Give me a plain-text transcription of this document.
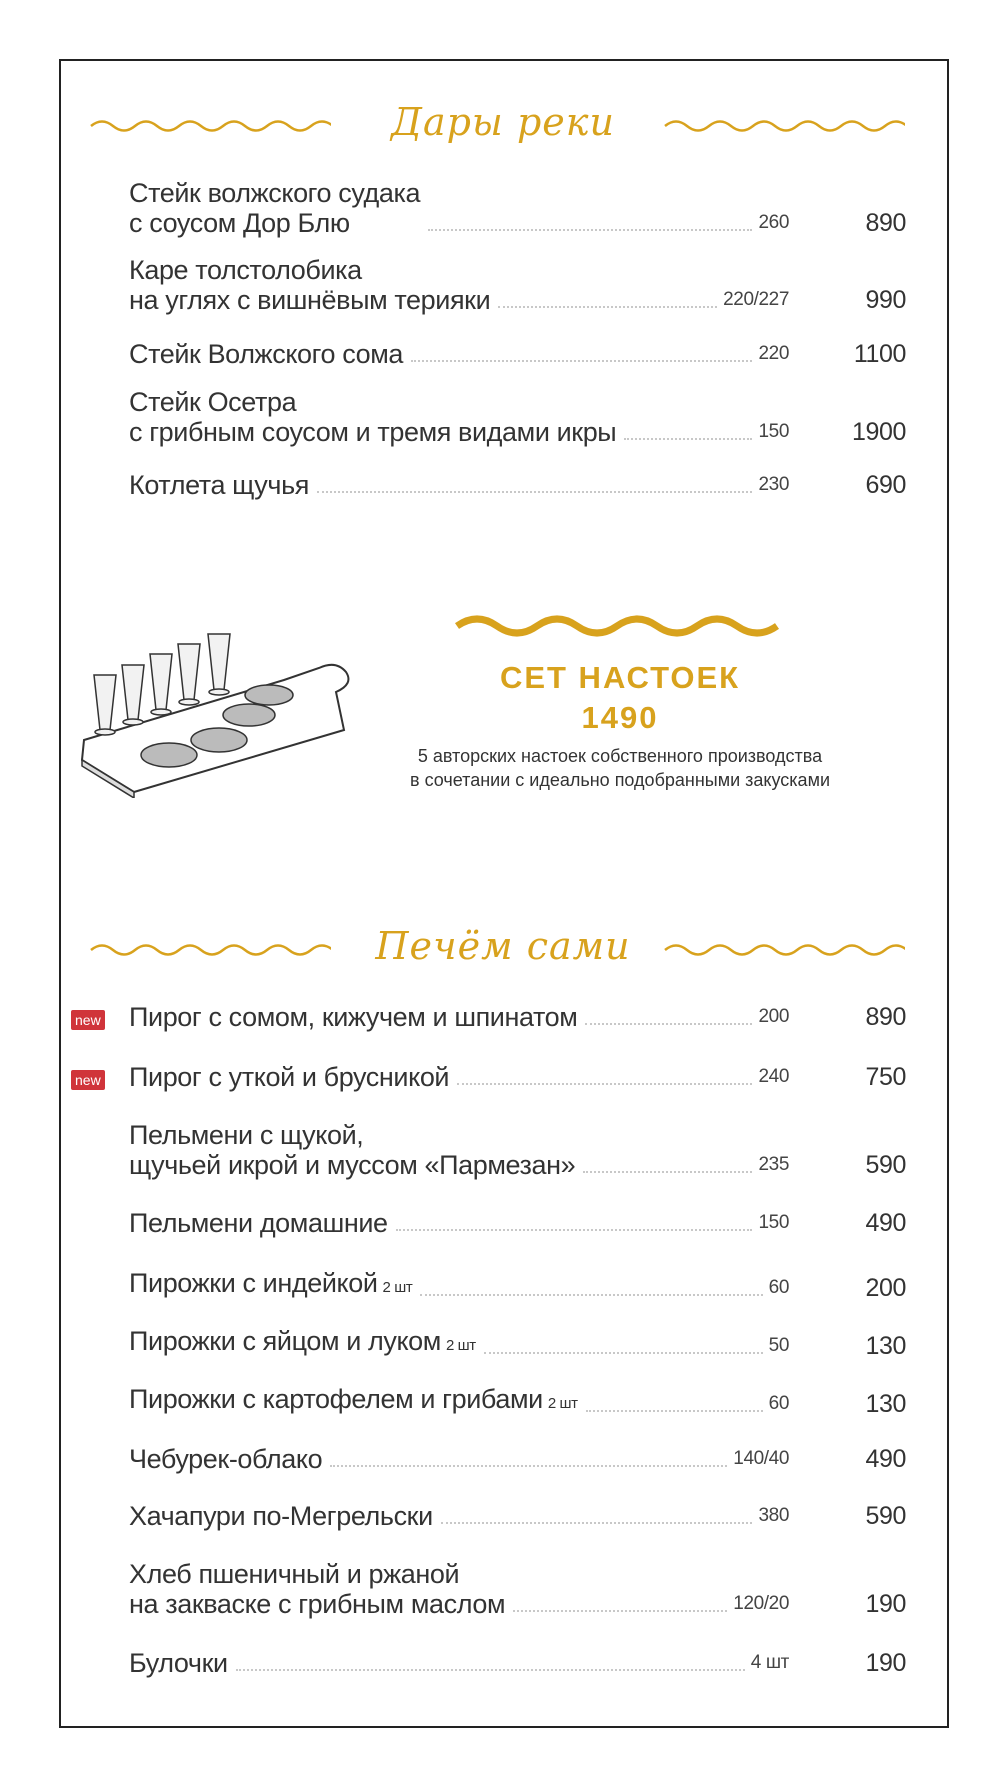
Дары реки
Стейк волжского судака
с соусом Дор Блю	260	890
Каре толстолобика
на углях с вишнёвым терияки	220/227	990
Стейк Волжского сома	220	1100
Стейк Осетра
с грибным соусом и тремя видами икры	150	1900
Котлета щучья	230	690
СЕТ НАСТОЕК
1490
5 авторских настоек собственного производства
в сочетании с идеально подобранными закусками
Печём сами
new Пирог с сомом, кижучем и шпинатом	200	890
new Пирог с уткой и брусникой	240	750
Пельмени с щукой,
щучьей икрой и муссом «Пармезан»	235	590
Пельмени домашние	150	490
Пирожки с индейкой 2 шт	60	200
Пирожки с яйцом и луком 2 шт	50	130
Пирожки с картофелем и грибами 2 шт	60	130
Чебурек-облако	140/40	490
Хачапури по-Мегрельски	380	590
Хлеб пшеничный и ржаной
на закваске с грибным маслом	120/20	190
Булочки	4 шт	190
